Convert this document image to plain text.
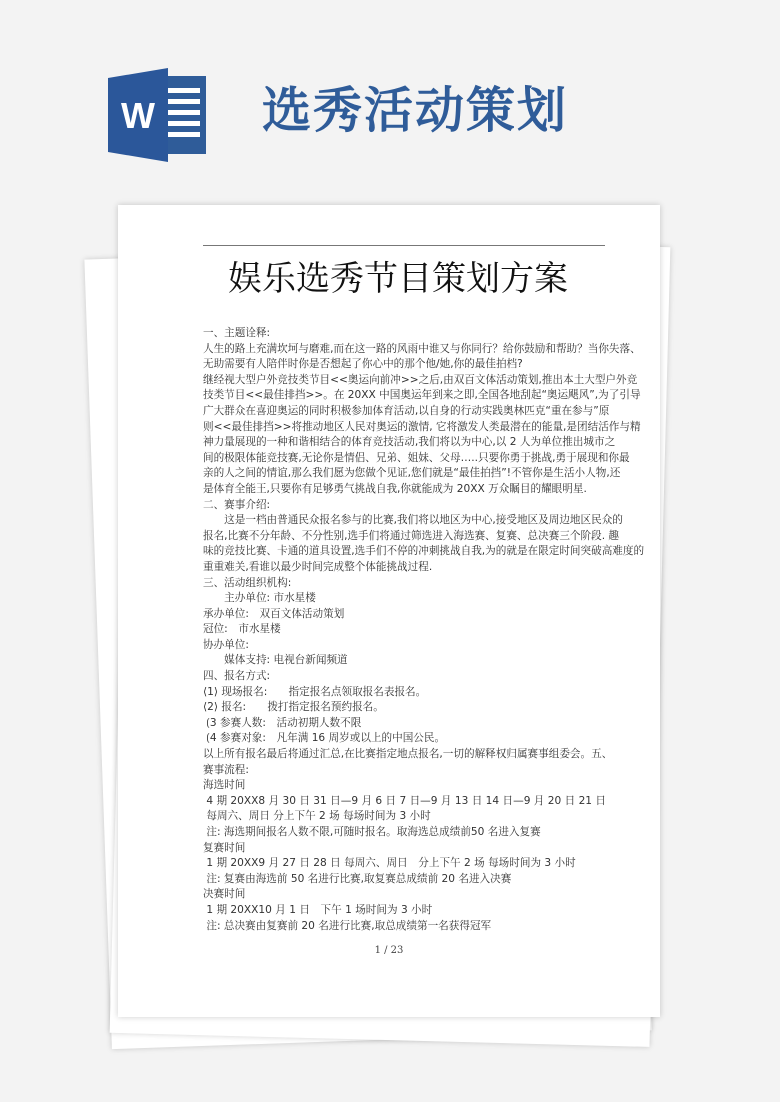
W 选秀活动策划
娱乐选秀节目策划方案
一、主题诠释:
人生的路上充满坎坷与磨难,而在这一路的风雨中谁又与你同行？给你鼓励和帮助？当你失落、
无助需要有人陪伴时你是否想起了你心中的那个他/她,你的最佳拍档?
继经视大型户外竞技类节目<<奥运向前冲>>之后,由双百文体活动策划,推出本土大型户外竞
技类节目<<最佳排挡>>。在 20XX 中国奥运年到来之即,全国各地刮起“奥运飓风”,为了引导
广大群众在喜迎奥运的同时积极参加体育活动,以自身的行动实践奥林匹克“重在参与”原
则<<最佳排挡>>将推动地区人民对奥运的激情, 它将激发人类最潜在的能量,是团结活作与精
神力量展现的一种和谐相结合的体育竞技活动,我们将以为中心,以 2 人为单位推出城市之
间的极限体能竞技赛,无论你是情侣、兄弟、姐妹、父母…..只要你勇于挑战,勇于展现和你最
亲的人之间的情谊,那么我们愿为您做个见证,您们就是“最佳拍挡”!不管你是生活小人物,还
是体育全能王,只要你有足够勇气挑战自我,你就能成为 20XX 万众瞩目的耀眼明星.
二、赛事介绍:
　　这是一档由普通民众报名参与的比赛,我们将以地区为中心,接受地区及周边地区民众的
报名,比赛不分年龄、不分性别,选手们将通过筛选进入海选赛、复赛、总决赛三个阶段. 趣
味的竞技比赛、卡通的道具设置,选手们不停的冲刺挑战自我,为的就是在限定时间突破高难度的
重重难关,看谁以最少时间完成整个体能挑战过程.
三、活动组织机构:
　　主办单位: 市水星楼
承办单位:　双百文体活动策划
冠位:　市水星楼
协办单位:
　　媒体支持: 电视台新闻频道
四、报名方式:
⟨1⟩ 现场报名:　　指定报名点领取报名表报名。
⟨2⟩ 报名:　　拨打指定报名预约报名。
⟮3 参赛人数:　活动初期人数不限
⟮4 参赛对象:　凡年满 16 周岁或以上的中国公民。
以上所有报名最后将通过汇总,在比赛指定地点报名,一切的解释权归属赛事组委会。五、
赛事流程:
海选时间
4 期 20XX8 月 30 日 31 日—9 月 6 日 7 日—9 月 13 日 14 日—9 月 20 日 21 日
每周六、周日 分上下午 2 场 每场时间为 3 小时
注: 海选期间报名人数不限,可随时报名。取海选总成绩前50 名进入复赛
复赛时间
1 期 20XX9 月 27 日 28 日 每周六、周日　分上下午 2 场 每场时间为 3 小时
注: 复赛由海选前 50 名进行比赛,取复赛总成绩前 20 名进入决赛
决赛时间
1 期 20XX10 月 1 日　下午 1 场时间为 3 小时
注: 总决赛由复赛前 20 名进行比赛,取总成绩第一名获得冠军
1 / 23
